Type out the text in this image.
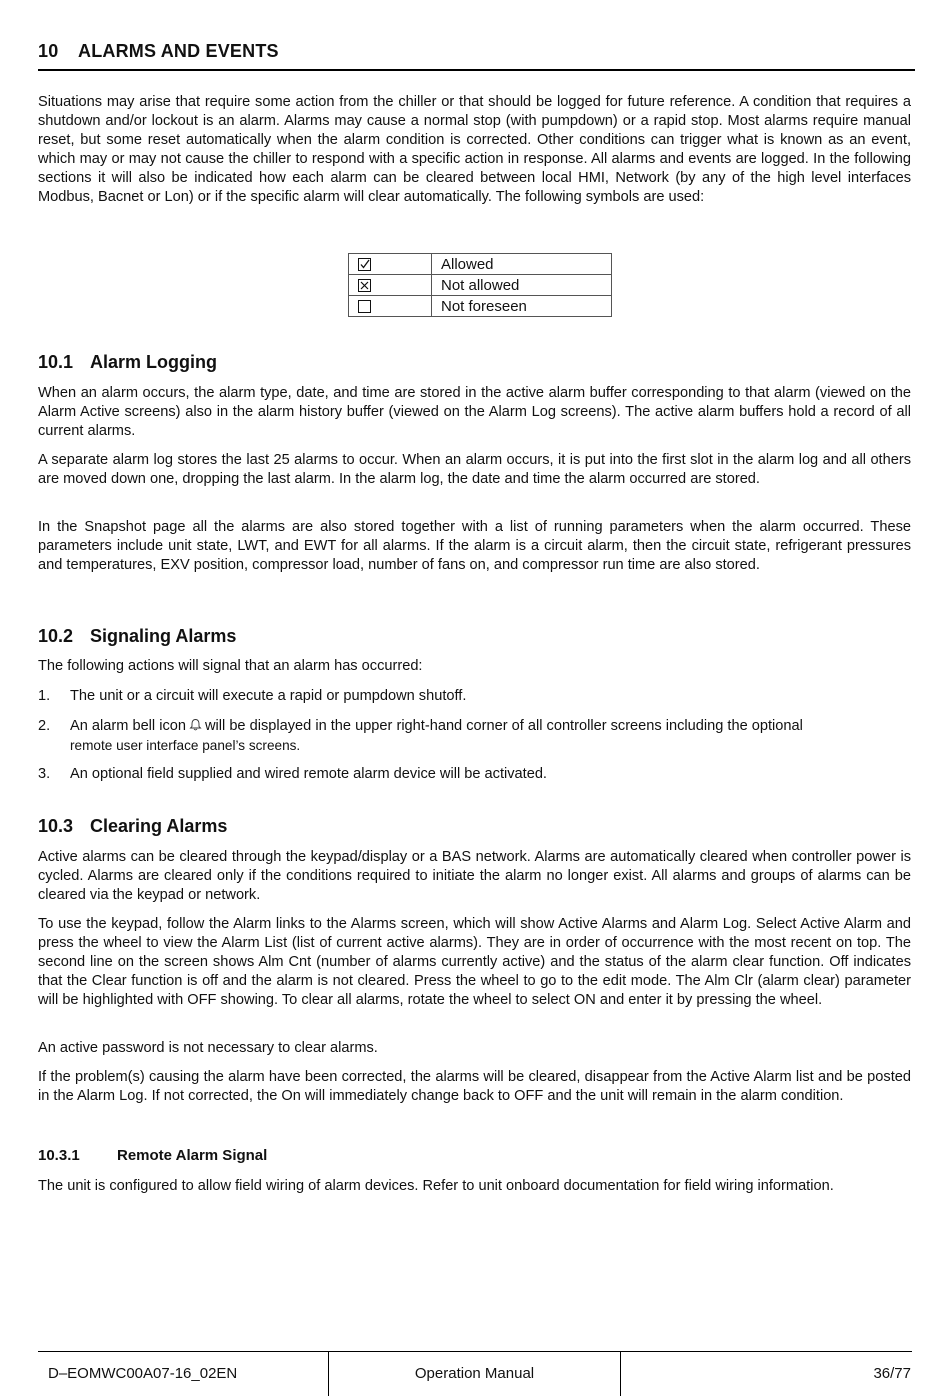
10 ALARMS AND EVENTS

Situations may arise that require some action from the chiller or that should be logged for future reference. A condition that requires a shutdown and/or lockout is an alarm. Alarms may cause a normal stop (with pumpdown) or a rapid stop. Most alarms require manual reset, but some reset automatically when the alarm condition is corrected. Other conditions can trigger what is known as an event, which may or may not cause the chiller to respond with a specific action in response. All alarms and events are logged. In the following sections it will also be indicated how each alarm can be cleared between local HMI, Network (by any of the high level interfaces Modbus, Bacnet or Lon) or if the specific alarm will clear automatically. The following symbols are used:

	Allowed

	Not allowed
	Not foreseen
10.1 Alarm Logging

When an alarm occurs, the alarm type, date, and time are stored in the active alarm buffer corresponding to that alarm (viewed on the Alarm Active screens) also in the alarm history buffer (viewed on the Alarm Log screens). The active alarm buffers hold a record of all current alarms.

A separate alarm log stores the last 25 alarms to occur. When an alarm occurs, it is put into the first slot in the alarm log and all others are moved down one, dropping the last alarm. In the alarm log, the date and time the alarm occurred are stored.

In the Snapshot page all the alarms are also stored together with a list of running parameters when the alarm occurred. These parameters include unit state, LWT, and EWT for all alarms. If the alarm is a circuit alarm, then the circuit state, refrigerant pressures and temperatures, EXV position, compressor load, number of fans on, and compressor run time are also stored.

10.2 Signaling Alarms

The following actions will signal that an alarm has occurred:

1. The unit or a circuit will execute a rapid or pumpdown shutoff.
2. An alarm bell icon will be displayed in the upper right-hand corner of all controller screens including the optional
remote user interface panel’s screens.
3. An optional field supplied and wired remote alarm device will be activated.
10.3 Clearing Alarms

Active alarms can be cleared through the keypad/display or a BAS network. Alarms are automatically cleared when controller power is cycled. Alarms are cleared only if the conditions required to initiate the alarm no longer exist. All alarms and groups of alarms can be cleared via the keypad or network.

To use the keypad, follow the Alarm links to the Alarms screen, which will show Active Alarms and Alarm Log. Select Active Alarm and press the wheel to view the Alarm List (list of current active alarms). They are in order of occurrence with the most recent on top. The second line on the screen shows Alm Cnt (number of alarms currently active) and the status of the alarm clear function. Off indicates that the Clear function is off and the alarm is not cleared. Press the wheel to go to the edit mode. The Alm Clr (alarm clear) parameter will be highlighted with OFF showing. To clear all alarms, rotate the wheel to select ON and enter it by pressing the wheel.

An active password is not necessary to clear alarms.

If the problem(s) causing the alarm have been corrected, the alarms will be cleared, disappear from the Active Alarm list and be posted in the Alarm Log. If not corrected, the On will immediately change back to OFF and the unit will remain in the alarm condition.

10.3.1 Remote Alarm Signal

The unit is configured to allow field wiring of alarm devices. Refer to unit onboard documentation for field wiring information.

D–EOMWC00A07-16_02EN	Operation Manual	36/77
